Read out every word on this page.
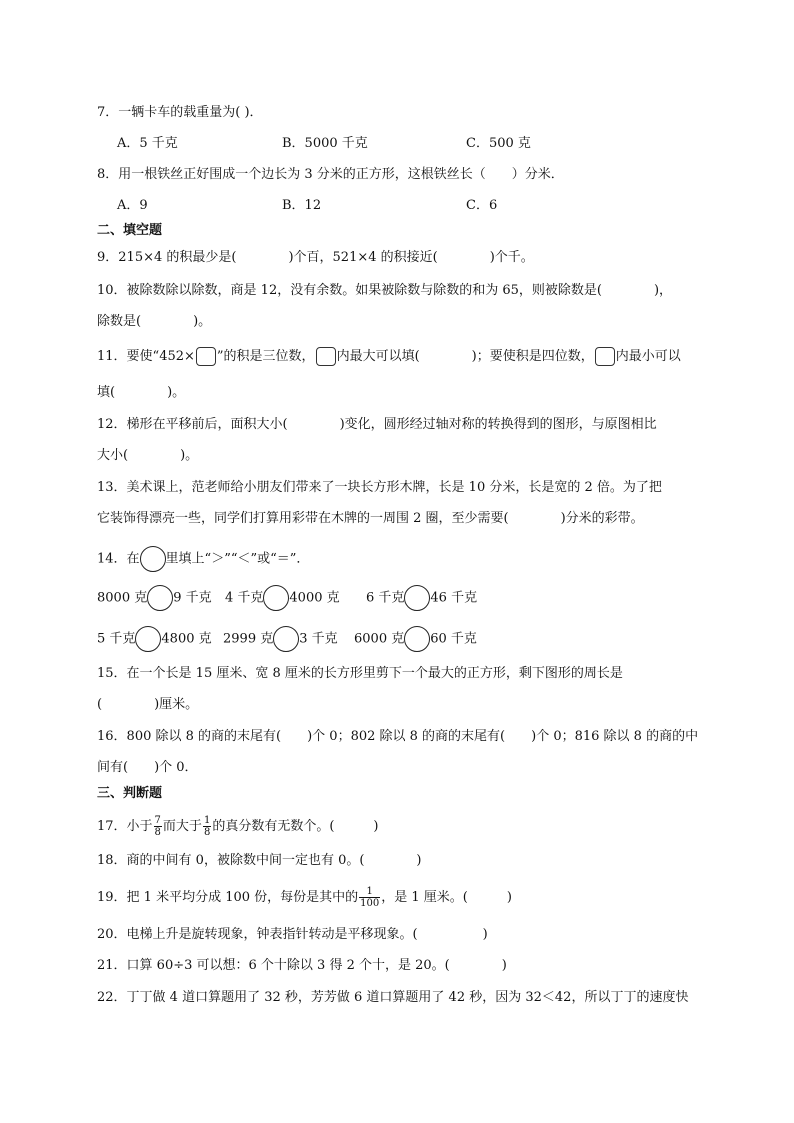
7．一辆卡车的载重量为( )．
A．5 千克	B．5000 千克	C．500 克
8．用一根铁丝正好围成一个边长为 3 分米的正方形，这根铁丝长（　　）分米．
A．9	B．12	C．6
二、填空题
9．215×4 的积最少是(　　　　)个百，521×4 的积接近(　　　　)个千。
10．被除数除以除数，商是 12，没有余数。如果被除数与除数的和为 65，则被除数是(　　　　)，
除数是(　　　　)。
11．要使“452× ”的积是三位数， 内最大可以填(　　　　)；要使积是四位数， 内最小可以
填(　　　　)。
12．梯形在平移前后，面积大小(　　　　)变化，圆形经过轴对称的转换得到的图形，与原图相比
大小(　　　　)。
13．美术课上，范老师给小朋友们带来了一块长方形木牌，长是 10 分米，长是宽的 2 倍。为了把
它装饰得漂亮一些，同学们打算用彩带在木牌的一周围 2 圈，至少需要(　　　　)分米的彩带。
14．在 里填上“＞”“＜”或“＝”．
8000 克 9 千克 4 千克 4000 克 6 千克 46 千克
5 千克 4800 克 2999 克 3 千克 6000 克 60 千克
15．在一个长是 15 厘米、宽 8 厘米的长方形里剪下一个最大的正方形，剩下图形的周长是
(　　　　)厘米。
16．800 除以 8 的商的末尾有(　　)个 0；802 除以 8 的商的末尾有(　　)个 0；816 除以 8 的商的中
间有(　　)个 0．
三、判断题
17．小于 $\frac{7}{8}$ 而大于 $\frac{1}{8}$ 的真分数有无数个。(　　　)
18．商的中间有 0，被除数中间一定也有 0。(　　　　)
19．把 1 米平均分成 100 份，每份是其中的 $\frac{1}{100}$ ，是 1 厘米。(　　　)
20．电梯上升是旋转现象，钟表指针转动是平移现象。(　　　　　)
21．口算 60÷3 可以想：6 个十除以 3 得 2 个十，是 20。(　　　　)
22．丁丁做 4 道口算题用了 32 秒，芳芳做 6 道口算题用了 42 秒，因为 32＜42，所以丁丁的速度快
